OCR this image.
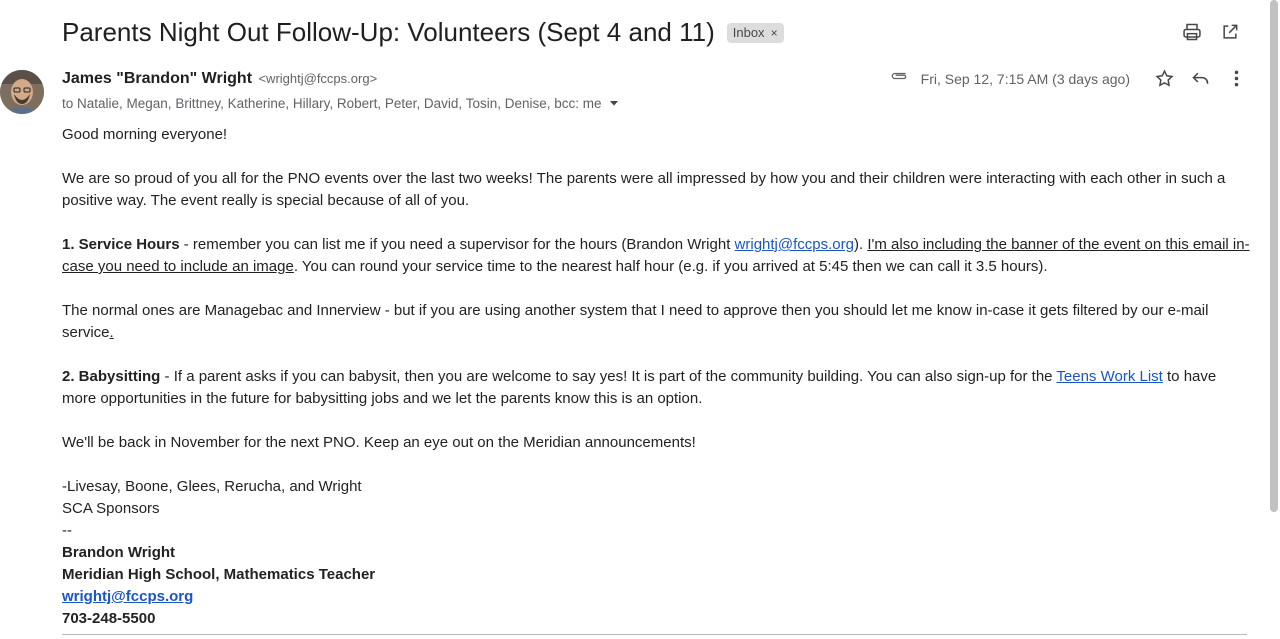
Parents Night Out Follow-Up: Volunteers (Sept 4 and 11) Inbox ×
James "Brandon" Wright <wrightj@fccps.org>
to Natalie, Megan, Brittney, Katherine, Hillary, Robert, Peter, David, Tosin, Denise, bcc: me
Fri, Sep 12, 7:15 AM (3 days ago)

Good morning everyone!

We are so proud of you all for the PNO events over the last two weeks! The parents were all impressed by how you and their children were interacting with each other in such a positive way. The event really is special because of all of you.

1. Service Hours - remember you can list me if you need a supervisor for the hours (Brandon Wright wrightj@fccps.org). I'm also including the banner of the event on this email in-case you need to include an image. You can round your service time to the nearest half hour (e.g. if you arrived at 5:45 then we can call it 3.5 hours).

The normal ones are Managebac and Innerview - but if you are using another system that I need to approve then you should let me know in-case it gets filtered by our e-mail service.

2. Babysitting - If a parent asks if you can babysit, then you are welcome to say yes! It is part of the community building. You can also sign-up for the Teens Work List to have more opportunities in the future for babysitting jobs and we let the parents know this is an option.

We'll be back in November for the next PNO. Keep an eye out on the Meridian announcements!

-Livesay, Boone, Glees, Rerucha, and Wright

SCA Sponsors

--

Brandon Wright

Meridian High School, Mathematics Teacher

wrightj@fccps.org

703-248-5500
